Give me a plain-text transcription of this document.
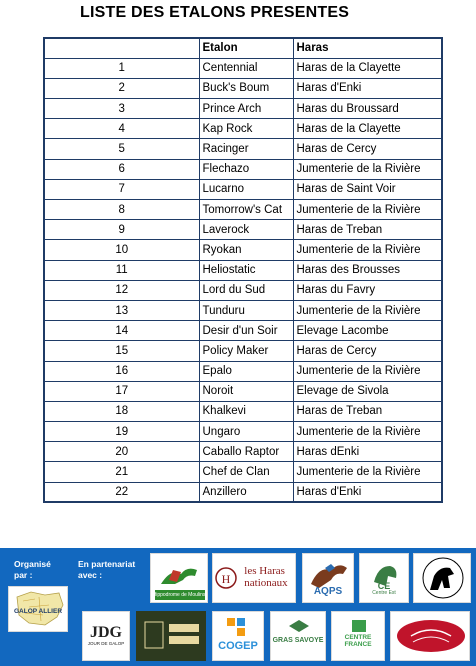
LISTE DES ETALONS PRESENTES
	Etalon	Haras
1	Centennial	Haras de la Clayette
2	Buck's Boum	Haras d'Enki
3	Prince Arch	Haras du Broussard
4	Kap Rock	Haras de la Clayette
5	Racinger	Haras de Cercy
6	Flechazo	Jumenterie de la Rivière
7	Lucarno	Haras de Saint Voir
8	Tomorrow's Cat	Jumenterie de la Rivière
9	Laverock	Haras de Treban
10	Ryokan	Jumenterie de la Rivière
11	Heliostatic	Haras des Brousses
12	Lord du Sud	Haras du Favry
13	Tunduru	Jumenterie de la Rivière
14	Desir d'un Soir	Elevage Lacombe
15	Policy Maker	Haras de Cercy
16	Epalo	Jumenterie de la Rivière
17	Noroit	Elevage de Sivola
18	Khalkevi	Haras de Treban
19	Ungaro	Jumenterie de la Rivière
20	Caballo Raptor	Haras dEnki
21	Chef de Clan	Jumenterie de la Rivière
22	Anzillero	Haras d'Enki
Organisé par :
En partenariat avec :
GALOP ALLIER
Hippodrome de Moulins
H
les Haras
nationaux
AQPS
CE
Centre Est
JDG
JOUR DE GALOP	COGEP GRAS SAVOYE	CENTRE FRANCE
